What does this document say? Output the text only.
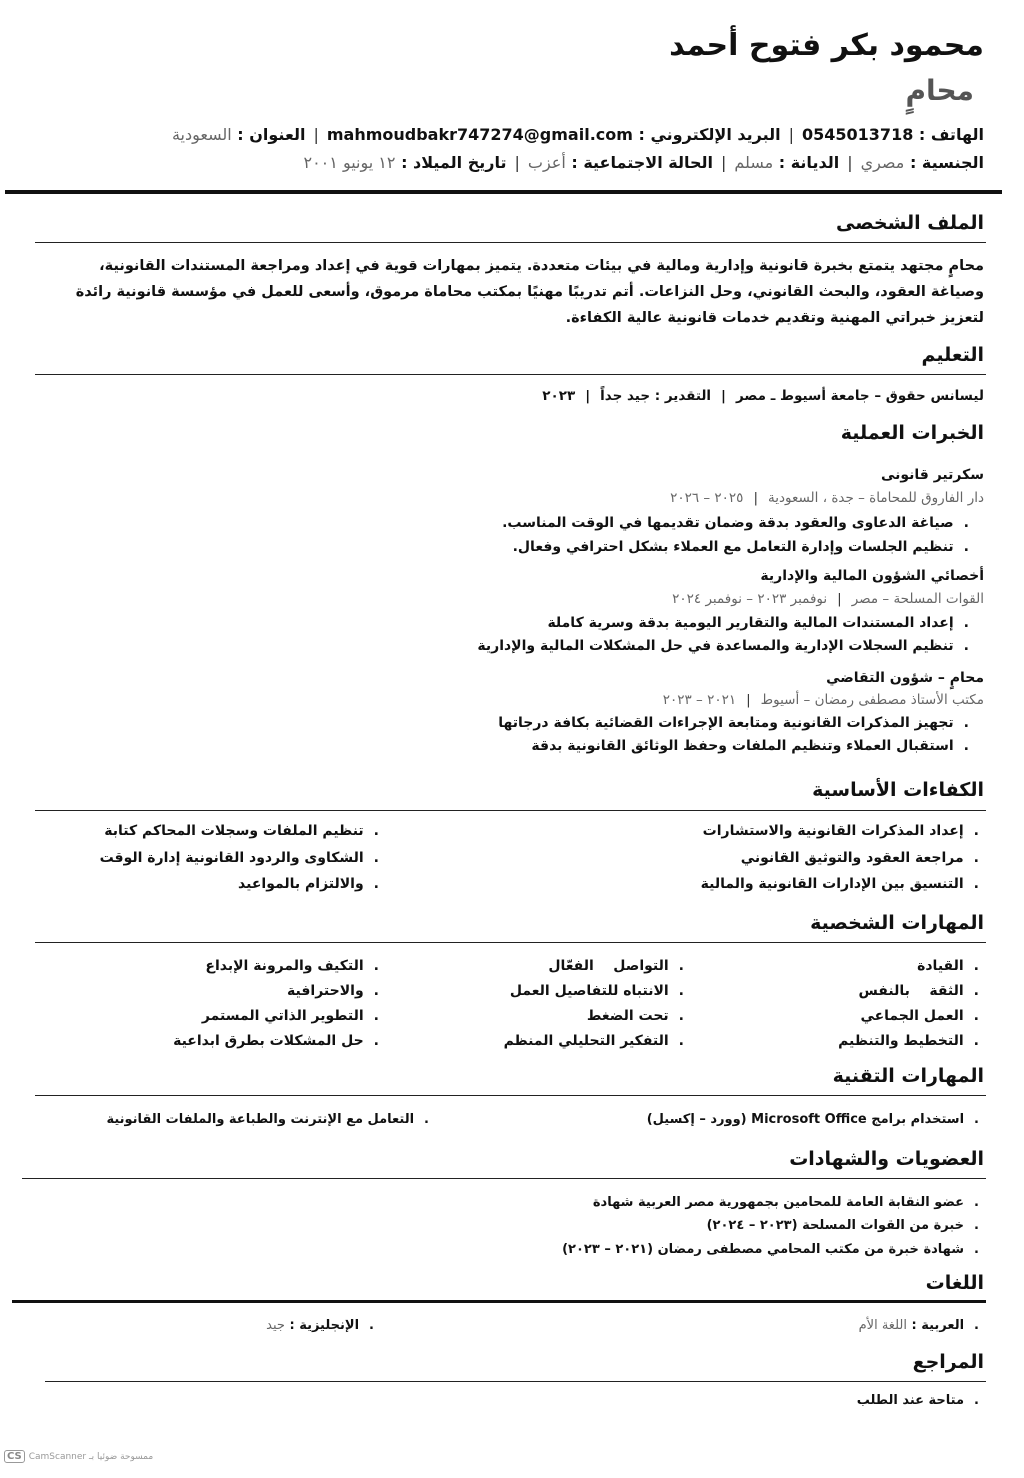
محمود بكر فتوح أحمد
محامٍ
الهاتف : 0545013718|البريد الإلكتروني : mahmoudbakr747274@gmail.com|العنوان : السعودية
الجنسية : مصري|الديانة : مسلم|الحالة الاجتماعية : أعزب|تاريخ الميلاد : ١٢ يونيو ٢٠٠١
الملف الشخصى
محامٍ مجتهد يتمتع بخبرة قانونية وإدارية ومالية في بيئات متعددة. يتميز بمهارات قوية في إعداد ومراجعة المستندات القانونية،
وصياغة العقود، والبحث القانوني، وحل النزاعات. أتم تدريبًا مهنيًا بمكتب محاماة مرموق، وأسعى للعمل في مؤسسة قانونية رائدة
لتعزيز خبراتي المهنية وتقديم خدمات قانونية عالية الكفاءة.
التعليم
ليسانس حقوق – جامعة أسيوط ـ مصر|التقدير : جيد جداً|٢٠٢٣
الخبرات العملية
سكرتير قانونى
دار الفاروق للمحاماة – جدة ، السعودية|٢٠٢٥ – ٢٠٢٦
.صياغة الدعاوى والعقود بدقة وضمان تقديمها في الوقت المناسب.
.تنظيم الجلسات وإدارة التعامل مع العملاء بشكل احترافي وفعال.
أخصائي الشؤون المالية والإدارية
القوات المسلحة – مصر|نوفمبر ٢٠٢٣ – نوفمبر ٢٠٢٤
.إعداد المستندات المالية والتقارير اليومية بدقة وسرية كاملة
.تنظيم السجلات الإدارية والمساعدة في حل المشكلات المالية والإدارية
محامٍ – شؤون التقاضي
مكتب الأستاذ مصطفى رمضان – أسيوط|٢٠٢١ – ٢٠٢٣
.تجهيز المذكرات القانونية ومتابعة الإجراءات القضائية بكافة درجاتها
.استقبال العملاء وتنظيم الملفات وحفظ الوثائق القانونية بدقة
الكفاءات الأساسية
.إعداد المذكرات القانونية والاستشارات
.مراجعة العقود والتوثيق القانوني
.التنسيق بين الإدارات القانونية والمالية
.تنظيم الملفات وسجلات المحاكم كتابة
.الشكاوى والردود القانونية إدارة الوقت
.والالتزام بالمواعيد
المهارات الشخصية
.القيادة
.الثقة    بالنفس
.العمل الجماعي
.التخطيط والتنظيم
.التواصل    الفعّال
.الانتباه للتفاصيل العمل
.تحت الضغط
.التفكير التحليلي المنظم
.التكيف والمرونة الإبداع
.والاحترافية
.التطوير الذاتي المستمر
.حل المشكلات بطرق ابداعية
المهارات التقنية
.استخدام برامج Microsoft Office (وورد – إكسيل)
.التعامل مع الإنترنت والطباعة والملفات القانونية
العضويات والشهادات
.عضو النقابة العامة للمحامين بجمهورية مصر العربية شهادة
.خبرة من القوات المسلحة (٢٠٢٣ – ٢٠٢٤)
.شهادة خبرة من مكتب المحامي مصطفى رمضان (٢٠٢١ – ٢٠٢٣)
اللغات
.العربية : اللغة الأم
.الإنجليزية : جيد
المراجع
.متاحة عند الطلب
CS CamScanner ممسوحة ضوئيا بـ
